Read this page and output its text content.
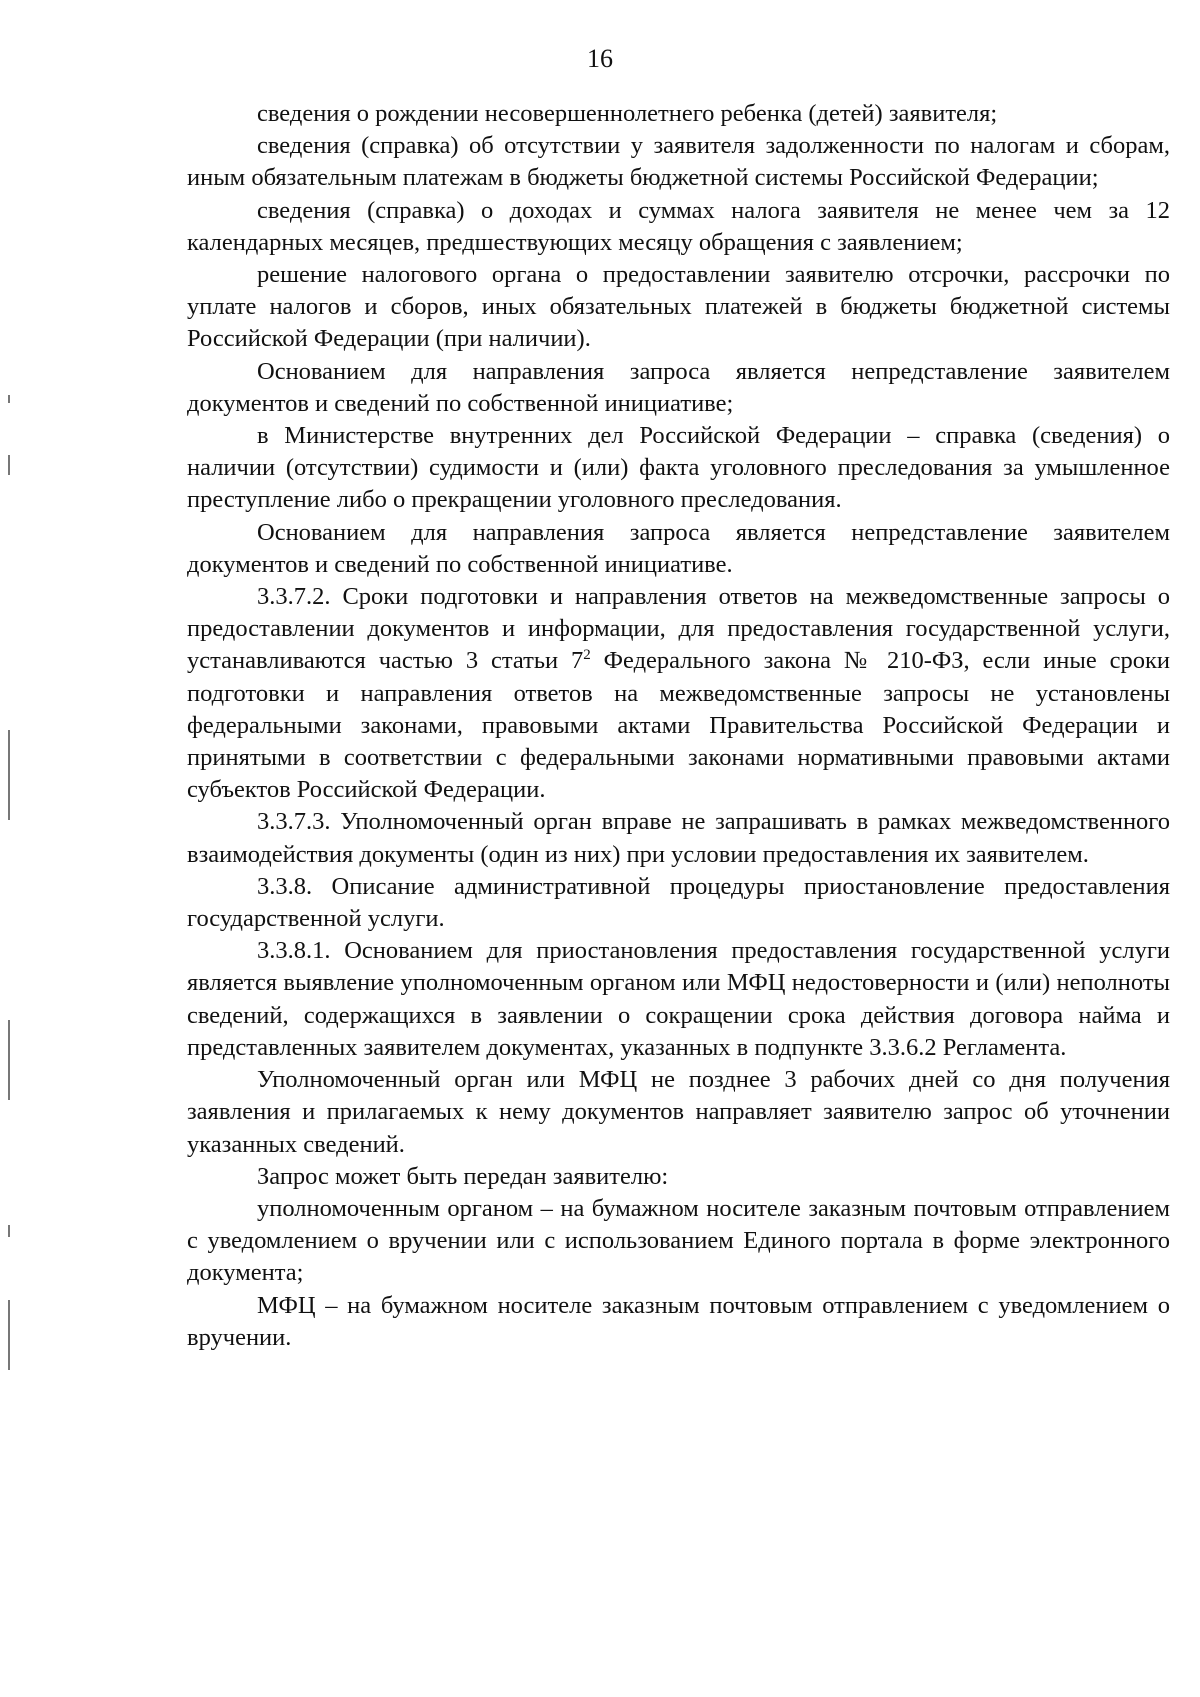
16

сведения о рождении несовершеннолетнего ребенка (детей) заявителя;

сведения (справка) об отсутствии у заявителя задолженности по налогам и сборам, иным обязательным платежам в бюджеты бюджетной системы Российской Федерации;

сведения (справка) о доходах и суммах налога заявителя не менее чем за 12 календарных месяцев, предшествующих месяцу обращения с заявлением;

решение налогового органа о предоставлении заявителю отсрочки, рассрочки по уплате налогов и сборов, иных обязательных платежей в бюджеты бюджетной системы Российской Федерации (при наличии).

Основанием для направления запроса является непредставление заявителем документов и сведений по собственной инициативе;

в Министерстве внутренних дел Российской Федерации – справка (сведения) о наличии (отсутствии) судимости и (или) факта уголовного преследования за умышленное преступление либо о прекращении уголовного преследования.

Основанием для направления запроса является непредставление заявителем документов и сведений по собственной инициативе.

3.3.7.2. Сроки подготовки и направления ответов на межведомственные запросы о предоставлении документов и информации, для предоставления государственной услуги, устанавливаются частью 3 статьи $7^2$ Федерального закона № 210-ФЗ, если иные сроки подготовки и направления ответов на межведомственные запросы не установлены федеральными законами, правовыми актами Правительства Российской Федерации и принятыми в соответствии с федеральными законами нормативными правовыми актами субъектов Российской Федерации.

3.3.7.3. Уполномоченный орган вправе не запрашивать в рамках межведомственного взаимодействия документы (один из них) при условии предоставления их заявителем.

3.3.8. Описание административной процедуры приостановление предоставления государственной услуги.

3.3.8.1. Основанием для приостановления предоставления государственной услуги является выявление уполномоченным органом или МФЦ недостоверности и (или) неполноты сведений, содержащихся в заявлении о сокращении срока действия договора найма и представленных заявителем документах, указанных в подпункте 3.3.6.2 Регламента.

Уполномоченный орган или МФЦ не позднее 3 рабочих дней со дня получения заявления и прилагаемых к нему документов направляет заявителю запрос об уточнении указанных сведений.

Запрос может быть передан заявителю:

уполномоченным органом – на бумажном носителе заказным почтовым отправлением с уведомлением о вручении или с использованием Единого портала в форме электронного документа;

МФЦ – на бумажном носителе заказным почтовым отправлением с уведомлением о вручении.
